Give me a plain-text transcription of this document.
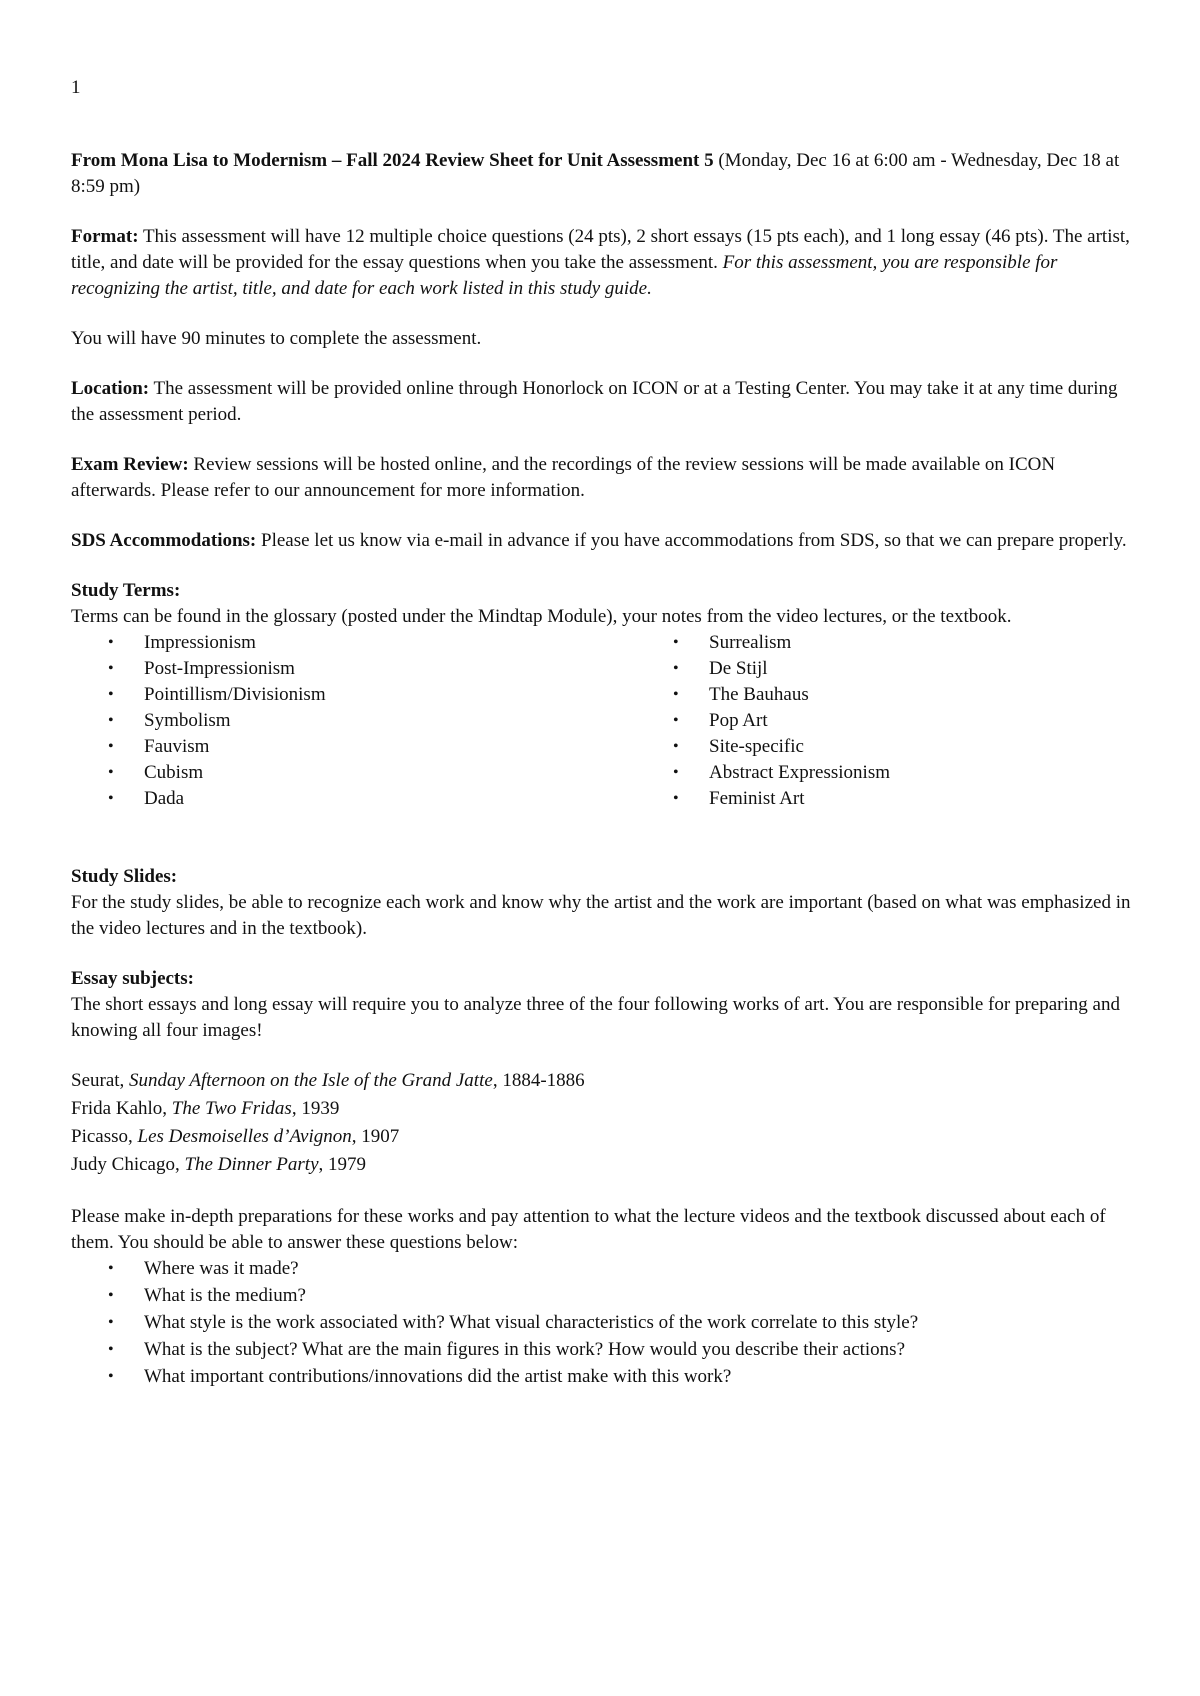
1

From Mona Lisa to Modernism – Fall 2024 Review Sheet for Unit Assessment 5 (Monday, Dec 16 at 6:00 am - Wednesday, Dec 18 at 8:59 pm)

Format: This assessment will have 12 multiple choice questions (24 pts), 2 short essays (15 pts each), and 1 long essay (46 pts). The artist, title, and date will be provided for the essay questions when you take the assessment. For this assessment, you are responsible for recognizing the artist, title, and date for each work listed in this study guide.

You will have 90 minutes to complete the assessment.

Location: The assessment will be provided online through Honorlock on ICON or at a Testing Center. You may take it at any time during the assessment period.

Exam Review: Review sessions will be hosted online, and the recordings of the review sessions will be made available on ICON afterwards. Please refer to our announcement for more information.

SDS Accommodations: Please let us know via e-mail in advance if you have accommodations from SDS, so that we can prepare properly.

Study Terms:

Terms can be found in the glossary (posted under the Mindtap Module), your notes from the video lectures, or the textbook.

• Impressionism
• Post-Impressionism
• Pointillism/Divisionism
• Symbolism
• Fauvism
• Cubism
• Dada
• Surrealism
• De Stijl
• The Bauhaus
• Pop Art
• Site-specific
• Abstract Expressionism
• Feminist Art

Study Slides:

For the study slides, be able to recognize each work and know why the artist and the work are important (based on what was emphasized in the video lectures and in the textbook).

Essay subjects:

The short essays and long essay will require you to analyze three of the four following works of art. You are responsible for preparing and knowing all four images!

Seurat, Sunday Afternoon on the Isle of the Grand Jatte, 1884-1886
Frida Kahlo, The Two Fridas, 1939
Picasso, Les Desmoiselles d’Avignon, 1907
Judy Chicago, The Dinner Party, 1979

Please make in-depth preparations for these works and pay attention to what the lecture videos and the textbook discussed about each of them. You should be able to answer these questions below:

• Where was it made?
• What is the medium?
• What style is the work associated with? What visual characteristics of the work correlate to this style?
• What is the subject? What are the main figures in this work? How would you describe their actions?
• What important contributions/innovations did the artist make with this work?
